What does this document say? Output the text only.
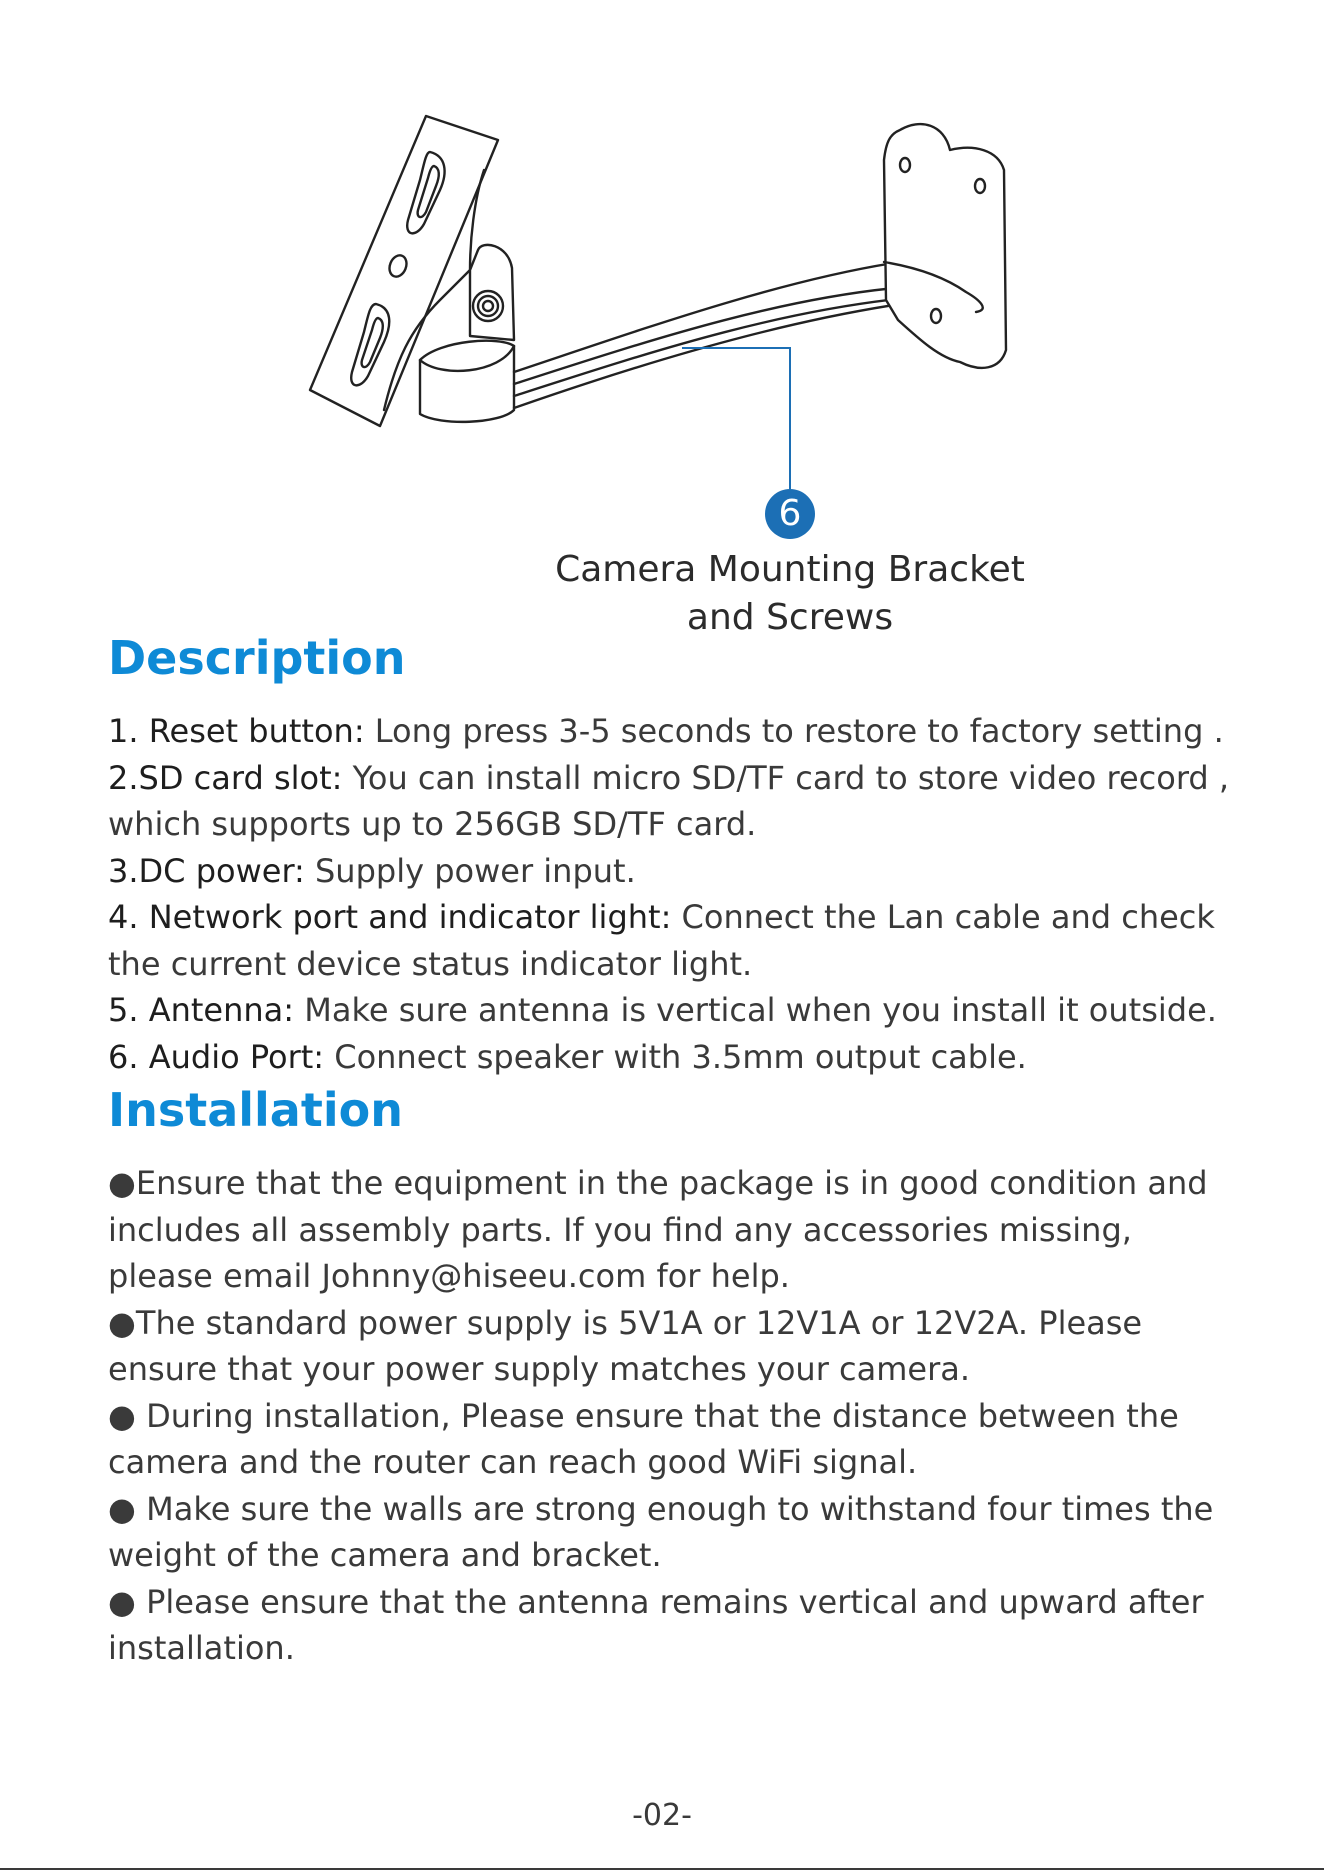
6
Camera Mounting Bracket
and Screws
Description
1. Reset button: Long press 3-5 seconds to restore to factory setting .
2.SD card slot: You can install micro SD/TF card to store video record , which supports up to 256GB SD/TF card.
3.DC power: Supply power input.
4. Network port and indicator light: Connect the Lan cable and check the current device status indicator light.
5. Antenna: Make sure antenna is vertical when you install it outside.
6. Audio Port: Connect speaker with 3.5mm output cable.
Installation
●Ensure that the equipment in the package is in good condition and includes all assembly parts. If you find any accessories missing, please email Johnny@hiseeu.com for help.
●The standard power supply is 5V1A or 12V1A or 12V2A. Please ensure that your power supply matches your camera.
● During installation, Please ensure that the distance between the camera and the router can reach good WiFi signal.
● Make sure the walls are strong enough to withstand four times the weight of the camera and bracket.
● Please ensure that the antenna remains vertical and upward after installation.
-02-
